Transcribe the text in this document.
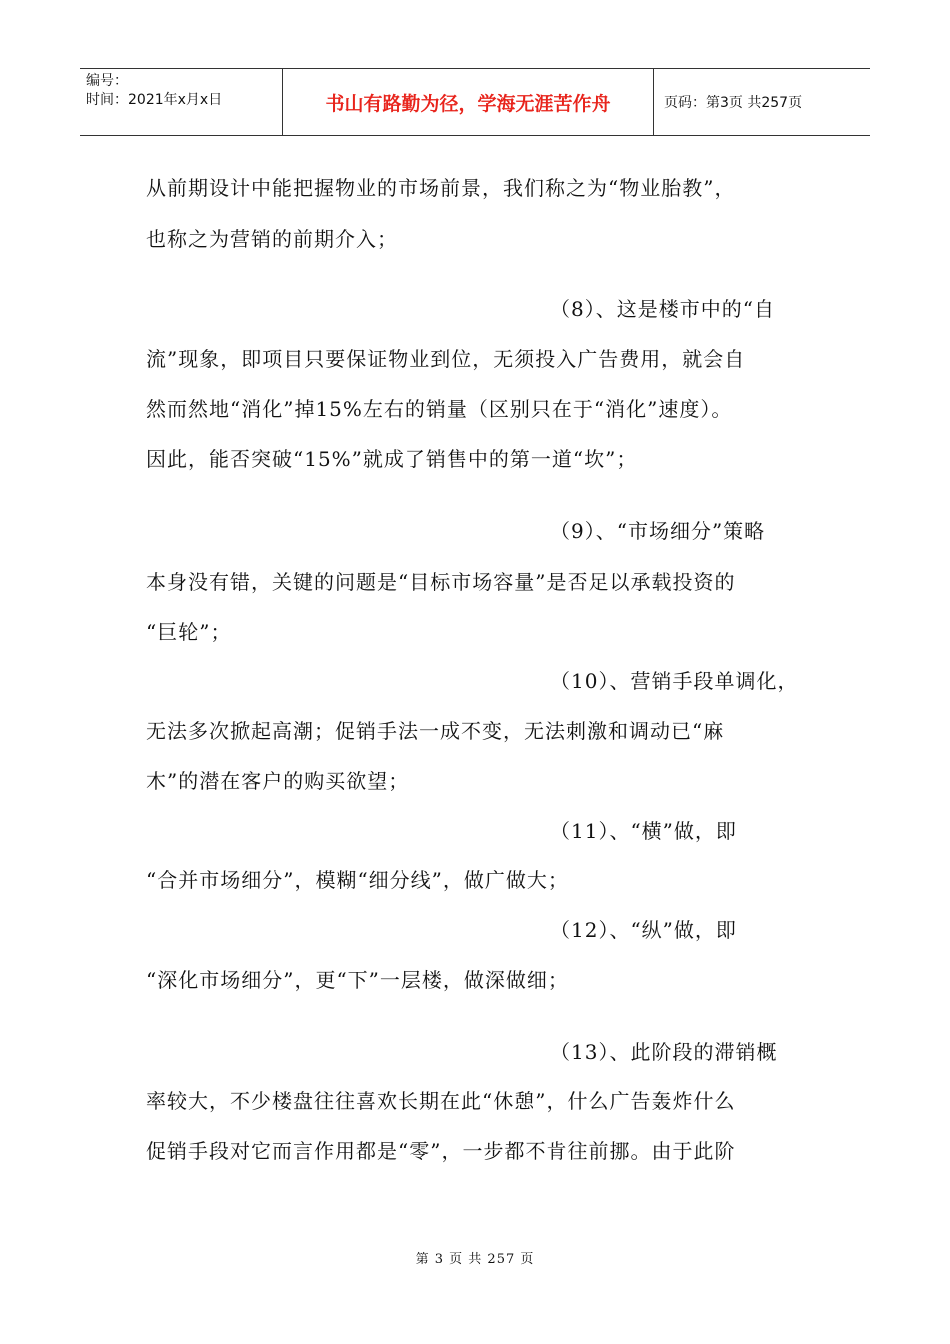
编号：
时间：2021年x月x日	书山有路勤为径，学海无涯苦作舟	页码：第3页 共257页
从前期设计中能把握物业的市场前景，我们称之为“物业胎教”，
也称之为营销的前期介入；
（8）、这是楼市中的“自
流”现象，即项目只要保证物业到位，无须投入广告费用，就会自
然而然地“消化”掉15%左右的销量（区别只在于“消化”速度）。
因此，能否突破“15%”就成了销售中的第一道“坎”；
（9）、“市场细分”策略
本身没有错，关键的问题是“目标市场容量”是否足以承载投资的
“巨轮”；
（10）、营销手段单调化，
无法多次掀起高潮；促销手法一成不变，无法刺激和调动已“麻
木”的潜在客户的购买欲望；
（11）、“横”做，即
“合并市场细分”，模糊“细分线”，做广做大；
（12）、“纵”做，即
“深化市场细分”，更“下”一层楼，做深做细；
（13）、此阶段的滞销概
率较大，不少楼盘往往喜欢长期在此“休憩”，什么广告轰炸什么
促销手段对它而言作用都是“零”，一步都不肯往前挪。由于此阶
第 3 页 共 257 页
